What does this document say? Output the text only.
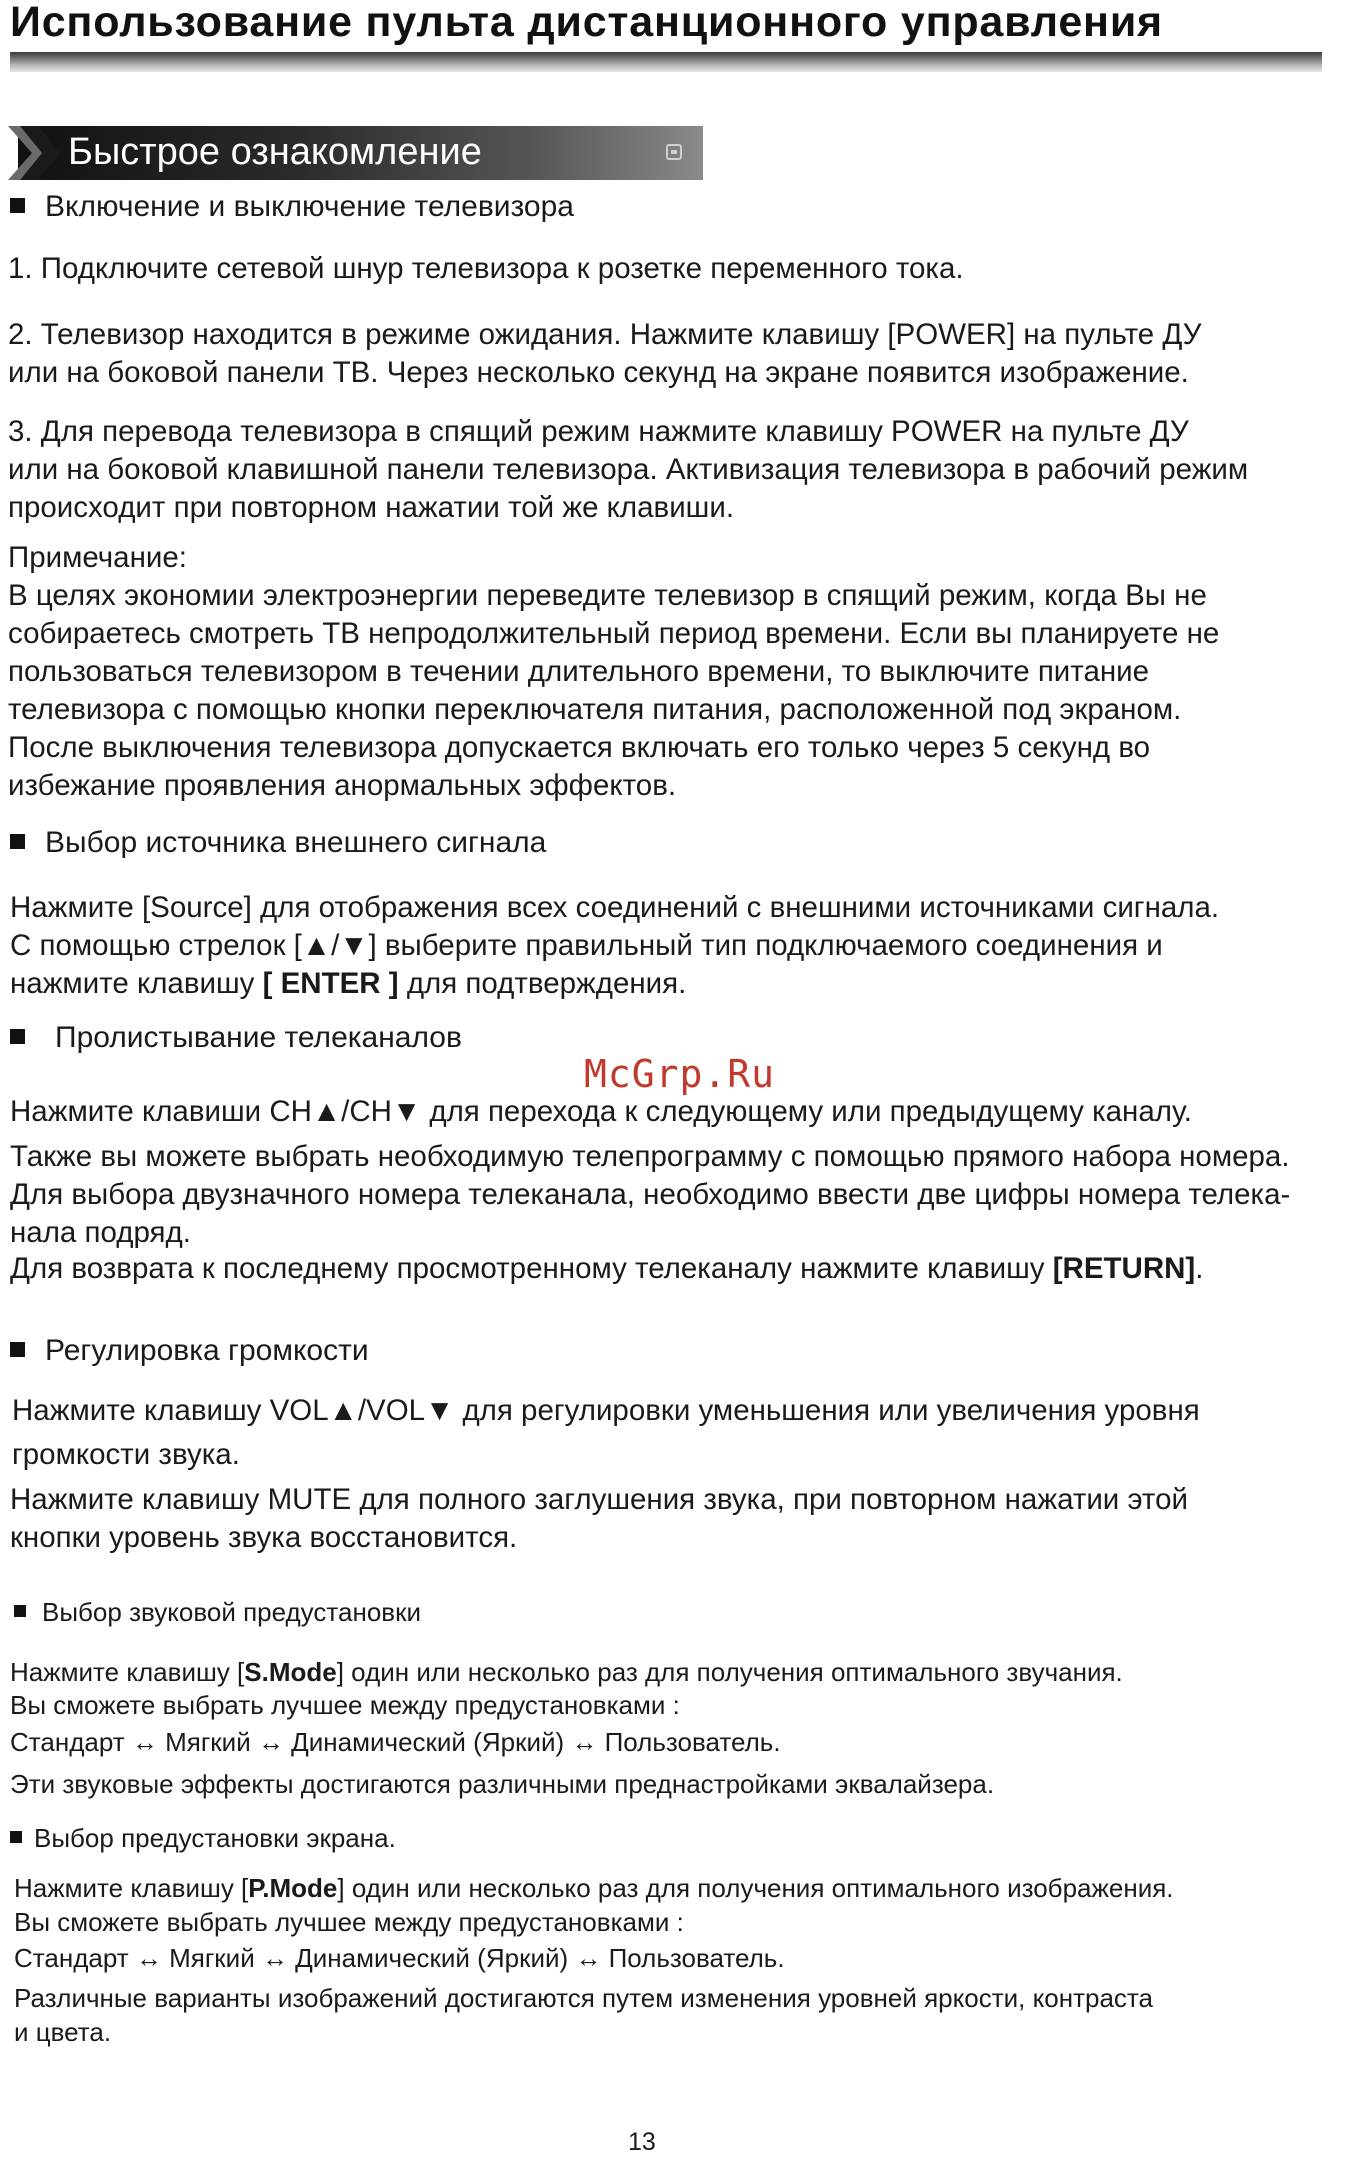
Использование пульта дистанционного управления
Быстрое ознакомление
Включение и выключение телевизора
1. Подключите сетевой шнур телевизора к розетке переменного тока.
2. Телевизор находится в режиме ожидания. Нажмите клавишу [POWER] на пульте ДУ
или на боковой панели ТВ. Через несколько секунд на экране появится изображение.
3. Для перевода телевизора в спящий режим нажмите клавишу POWER на пульте ДУ
или на боковой клавишной панели телевизора. Активизация телевизора в рабочий режим
происходит при повторном нажатии той же клавиши.
Примечание:
В целях экономии электроэнергии переведите телевизор в спящий режим, когда Вы не
собираетесь смотреть ТВ непродолжительный период времени. Если вы планируете не
пользоваться телевизором в течении длительного времени, то выключите питание
телевизора с помощью кнопки переключателя питания, расположенной под экраном.
После выключения телевизора допускается включать его только через 5 секунд во
избежание проявления анормальных эффектов.
Выбор источника внешнего сигнала
Нажмите [Source] для отображения всех соединений с внешними источниками сигнала.
С помощью стрелок [▲/▼] выберите правильный тип подключаемого соединения и
нажмите клавишу [ ENTER ] для подтверждения.
Пролистывание телеканалов
McGrp.Ru
Нажмите клавиши CH▲/CH▼ для перехода к следующему или предыдущему каналу.
Также вы можете выбрать необходимую телепрограмму с помощью прямого набора номера.
Для выбора двузначного номера телеканала, необходимо ввести две цифры номера телека-
нала подряд.
Для возврата к последнему просмотренному телеканалу нажмите клавишу [RETURN].
Регулировка громкости
Нажмите клавишу VOL▲/VOL▼ для регулировки уменьшения или увеличения уровня
громкости звука.
Нажмите клавишу MUTE для полного заглушения звука, при повторном нажатии этой
кнопки уровень звука восстановится.
Выбор звуковой предустановки
Нажмите клавишу [S.Mode] один или несколько раз для получения оптимального звучания.
Вы сможете выбрать лучшее между предустановками :
Стандарт ↔ Мягкий ↔ Динамический (Яркий) ↔ Пользователь.
Эти звуковые эффекты достигаются различными преднастройками эквалайзера.
Выбор предустановки экрана.
Нажмите клавишу [P.Mode] один или несколько раз для получения оптимального изображения.
Вы сможете выбрать лучшее между предустановками :
Стандарт ↔ Мягкий ↔ Динамический (Яркий) ↔ Пользователь.
Различные варианты изображений достигаются путем изменения уровней яркости, контраста
и цвета.
13
